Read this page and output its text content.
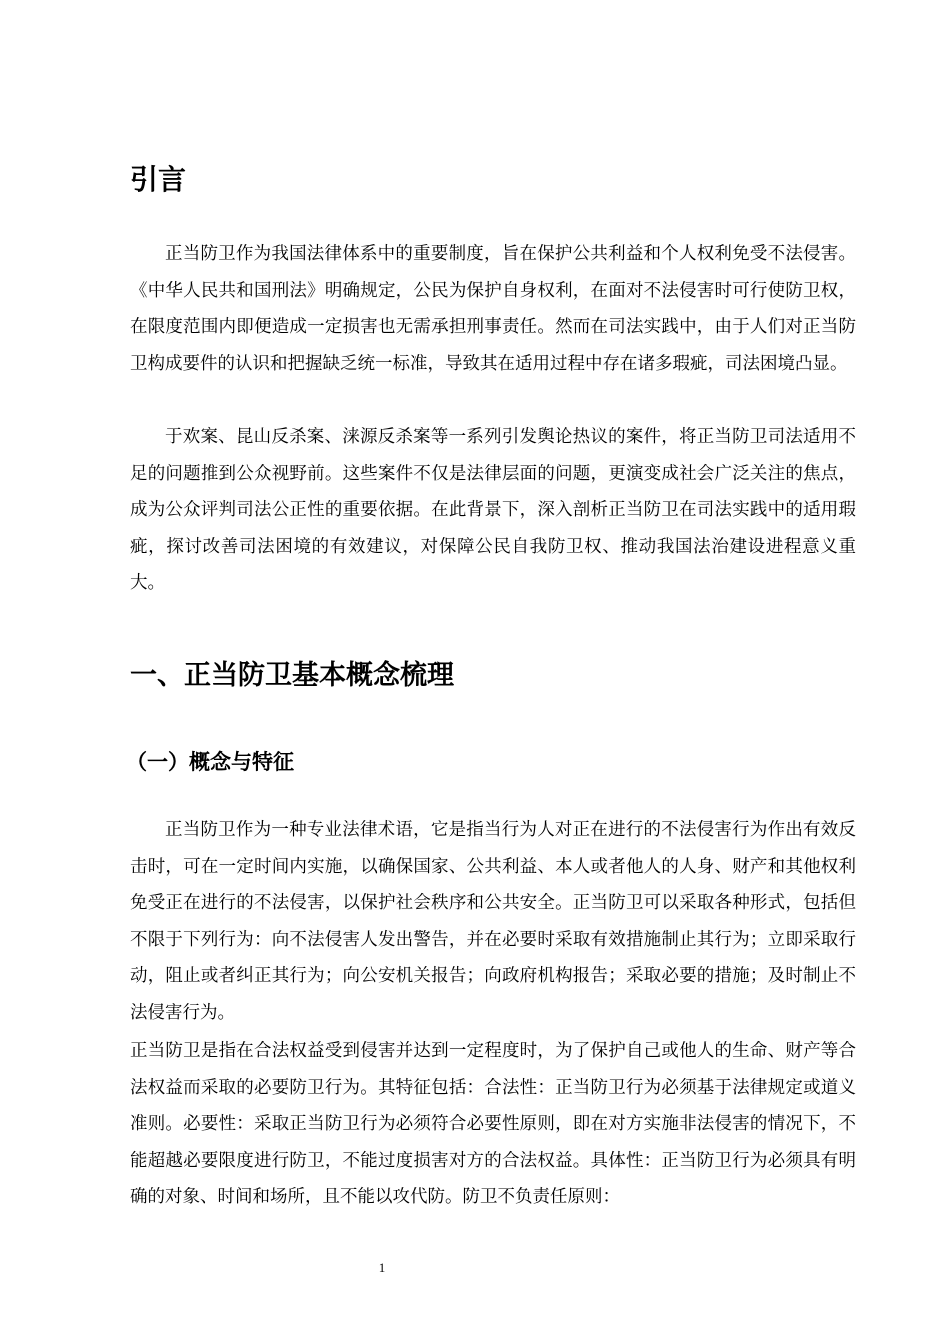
引言

正当防卫作为我国法律体系中的重要制度，旨在保护公共利益和个人权利免受不法侵害。《中华人民共和国刑法》明确规定，公民为保护自身权利，在面对不法侵害时可行使防卫权，在限度范围内即便造成一定损害也无需承担刑事责任。然而在司法实践中，由于人们对正当防卫构成要件的认识和把握缺乏统一标准，导致其在适用过程中存在诸多瑕疵，司法困境凸显。

于欢案、昆山反杀案、涞源反杀案等一系列引发舆论热议的案件，将正当防卫司法适用不足的问题推到公众视野前。这些案件不仅是法律层面的问题，更演变成社会广泛关注的焦点，成为公众评判司法公正性的重要依据。在此背景下，深入剖析正当防卫在司法实践中的适用瑕疵，探讨改善司法困境的有效建议，对保障公民自我防卫权、推动我国法治建设进程意义重大。

一、正当防卫基本概念梳理
（一）概念与特征

正当防卫作为一种专业法律术语，它是指当行为人对正在进行的不法侵害行为作出有效反击时，可在一定时间内实施，以确保国家、公共利益、本人或者他人的人身、财产和其他权利免受正在进行的不法侵害，以保护社会秩序和公共安全。正当防卫可以采取各种形式，包括但不限于下列行为：向不法侵害人发出警告，并在必要时采取有效措施制止其行为；立即采取行动，阻止或者纠正其行为；向公安机关报告；向政府机构报告；采取必要的措施；及时制止不法侵害行为。

正当防卫是指在合法权益受到侵害并达到一定程度时，为了保护自己或他人的生命、财产等合法权益而采取的必要防卫行为。其特征包括：合法性：正当防卫行为必须基于法律规定或道义准则。必要性：采取正当防卫行为必须符合必要性原则，即在对方实施非法侵害的情况下，不能超越必要限度进行防卫，不能过度损害对方的合法权益。具体性：正当防卫行为必须具有明确的对象、时间和场所，且不能以攻代防。防卫不负责任原则：

1
